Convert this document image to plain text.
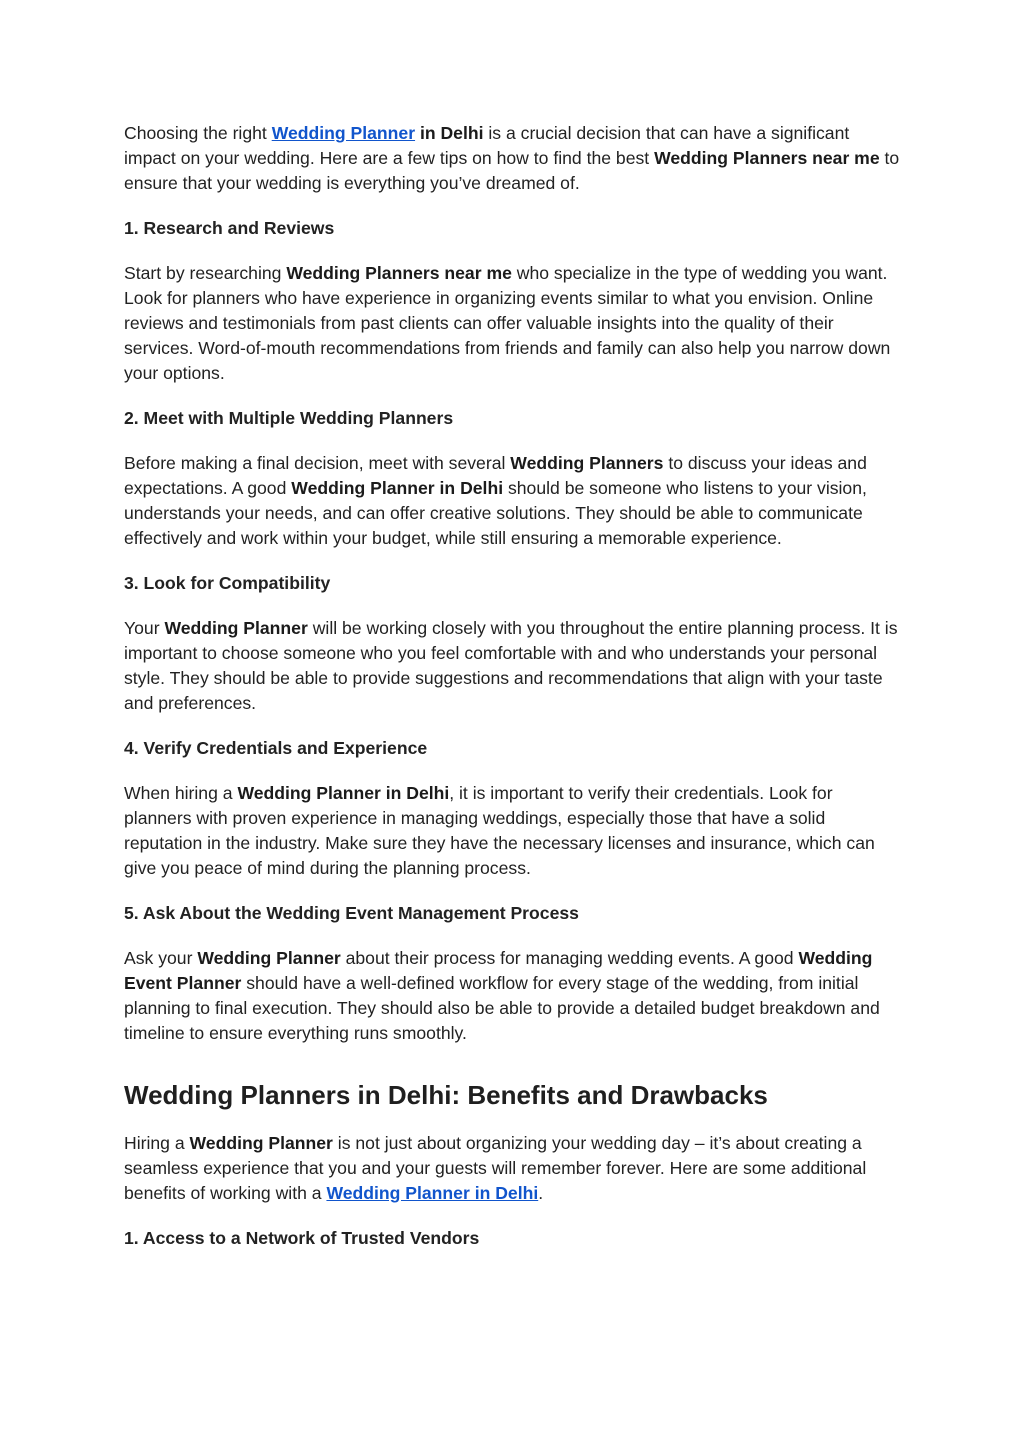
Choosing the right Wedding Planner in Delhi is a crucial decision that can have a significant impact on your wedding. Here are a few tips on how to find the best Wedding Planners near me to ensure that your wedding is everything you’ve dreamed of.

1. Research and Reviews

Start by researching Wedding Planners near me who specialize in the type of wedding you want. Look for planners who have experience in organizing events similar to what you envision. Online reviews and testimonials from past clients can offer valuable insights into the quality of their services. Word-of-mouth recommendations from friends and family can also help you narrow down your options.

2. Meet with Multiple Wedding Planners

Before making a final decision, meet with several Wedding Planners to discuss your ideas and expectations. A good Wedding Planner in Delhi should be someone who listens to your vision, understands your needs, and can offer creative solutions. They should be able to communicate effectively and work within your budget, while still ensuring a memorable experience.

3. Look for Compatibility

Your Wedding Planner will be working closely with you throughout the entire planning process. It is important to choose someone who you feel comfortable with and who understands your personal style. They should be able to provide suggestions and recommendations that align with your taste and preferences.

4. Verify Credentials and Experience

When hiring a Wedding Planner in Delhi, it is important to verify their credentials. Look for planners with proven experience in managing weddings, especially those that have a solid reputation in the industry. Make sure they have the necessary licenses and insurance, which can give you peace of mind during the planning process.

5. Ask About the Wedding Event Management Process

Ask your Wedding Planner about their process for managing wedding events. A good Wedding Event Planner should have a well-defined workflow for every stage of the wedding, from initial planning to final execution. They should also be able to provide a detailed budget breakdown and timeline to ensure everything runs smoothly.

Wedding Planners in Delhi: Benefits and Drawbacks

Hiring a Wedding Planner is not just about organizing your wedding day – it’s about creating a seamless experience that you and your guests will remember forever. Here are some additional benefits of working with a Wedding Planner in Delhi.

1. Access to a Network of Trusted Vendors
